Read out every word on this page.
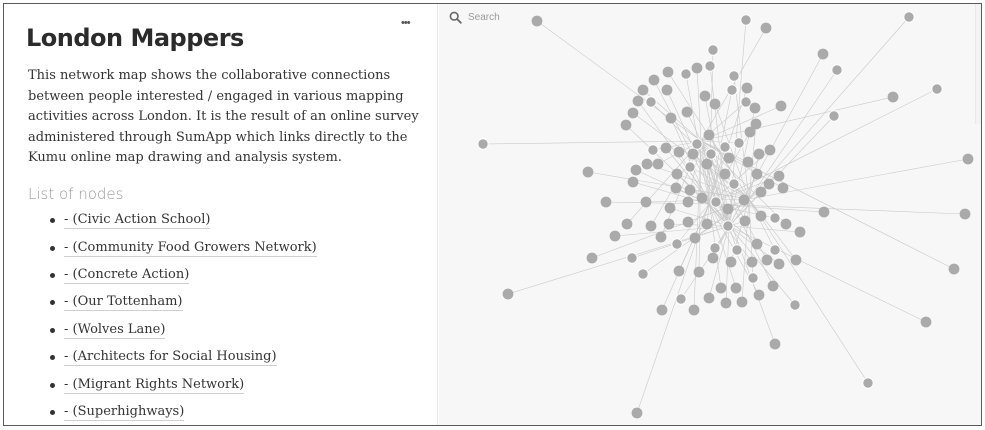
•••
London Mappers

This network map shows the collaborative connections between people interested / engaged in various mapping activities across London. It is the result of an online survey administered through SumApp which links directly to the Kumu online map drawing and analysis system.

List of nodes
- (Civic Action School)
- (Community Food Growers Network)
- (Concrete Action)
- (Our Tottenham)
- (Wolves Lane)
- (Architects for Social Housing)
- (Migrant Rights Network)
- (Superhighways)
Search
